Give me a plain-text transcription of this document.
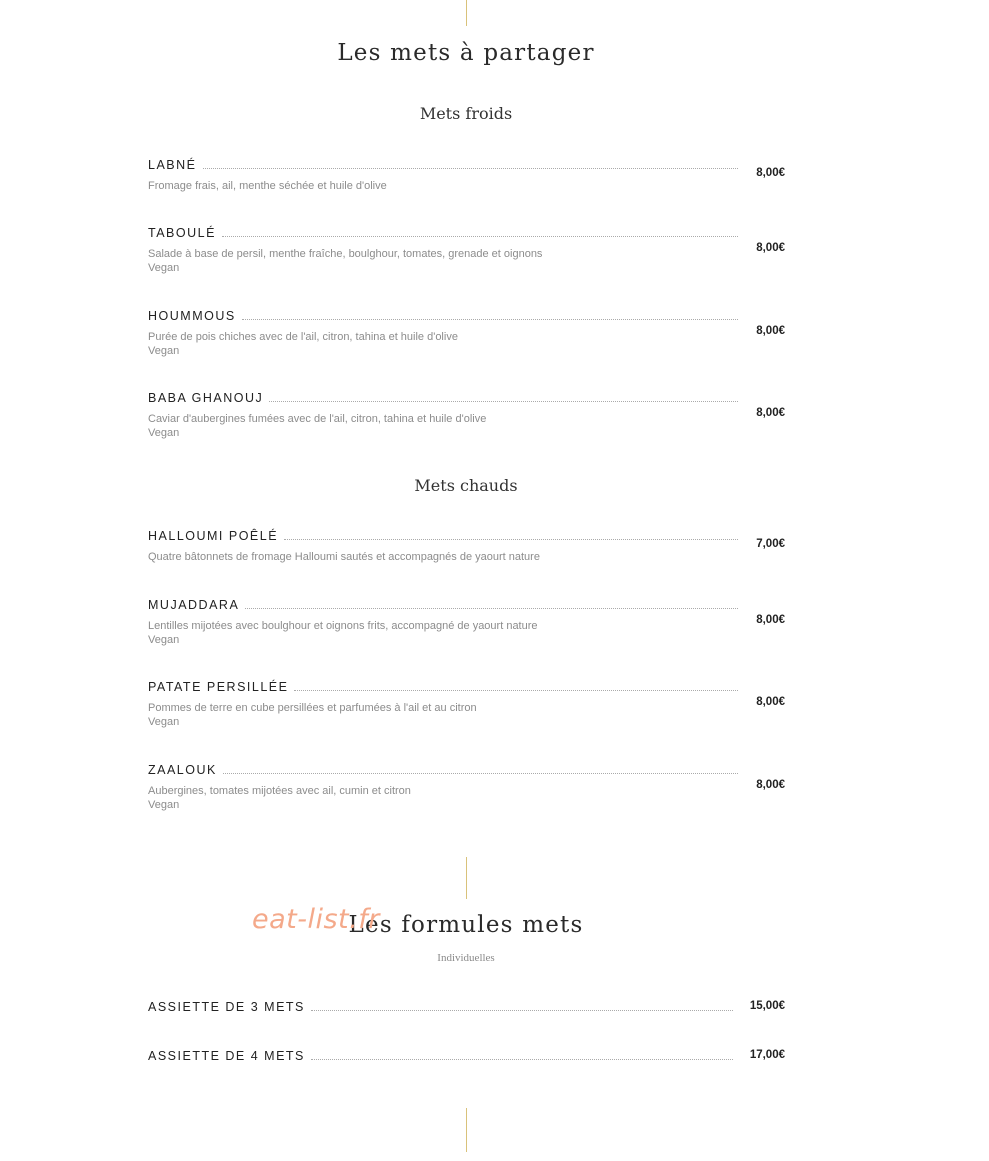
Les mets à partager
Mets froids
LABNÉ
Fromage frais, ail, menthe séchée et huile d'olive
8,00€
TABOULÉ
Salade à base de persil, menthe fraîche, boulghour, tomates, grenade et oignons
Vegan
8,00€
HOUMMOUS
Purée de pois chiches avec de l'ail, citron, tahina et huile d'olive
Vegan
8,00€
BABA GHANOUJ
Caviar d'aubergines fumées avec de l'ail, citron, tahina et huile d'olive
Vegan
8,00€
Mets chauds
HALLOUMI POÊLÉ
Quatre bâtonnets de fromage Halloumi sautés et accompagnés de yaourt nature
7,00€
MUJADDARA
Lentilles mijotées avec boulghour et oignons frits, accompagné de yaourt nature
Vegan
8,00€
PATATE PERSILLÉE
Pommes de terre en cube persillées et parfumées à l'ail et au citron
Vegan
8,00€
ZAALOUK
Aubergines, tomates mijotées avec ail, cumin et citron
Vegan
8,00€
Les formules mets
Individuelles
eat-list.fr
ASSIETTE DE 3 METS	15,00€
ASSIETTE DE 4 METS	17,00€
